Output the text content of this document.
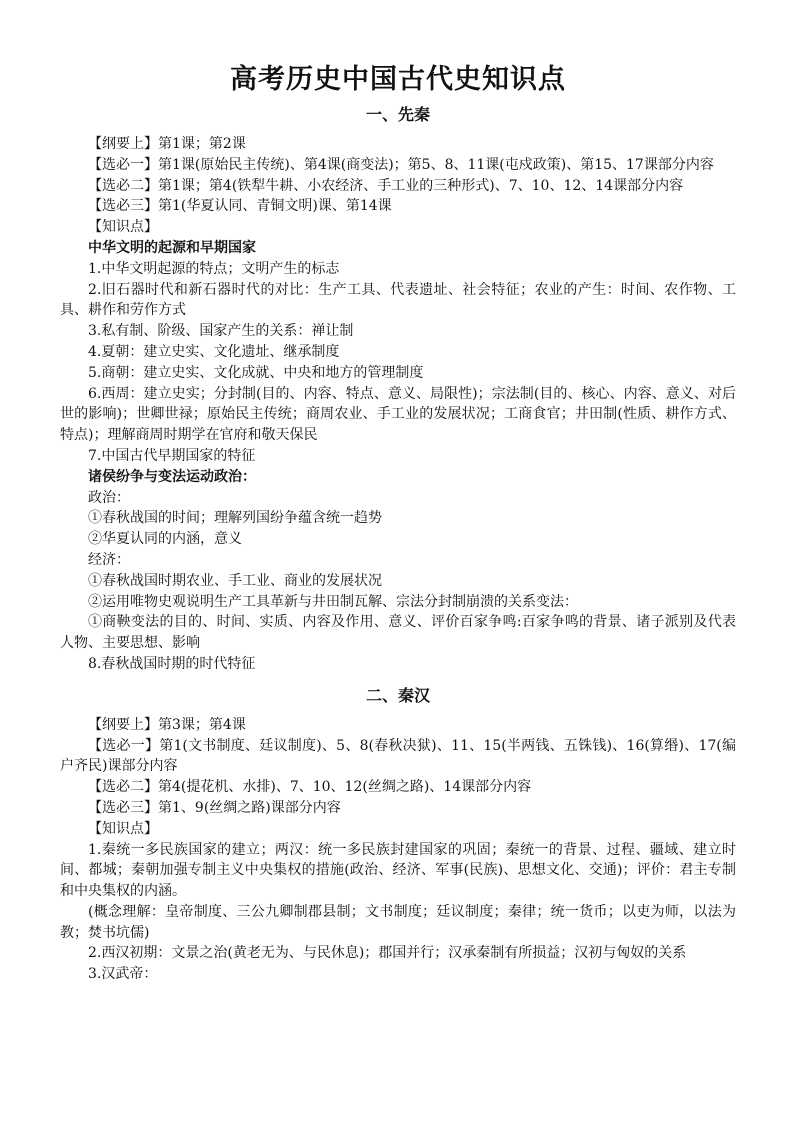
高考历史中国古代史知识点
一、先秦

【纲要上】第1课；第2课

【选必一】第1课(原始民主传统)、第4课(商变法)；第5、8、11课(屯戍政策)、第15、17课部分内容

【选必二】第1课；第4(铁犁牛耕、小农经济、手工业的三种形式)、7、10、12、14课部分内容

【选必三】第1(华夏认同、青铜文明)课、第14课

【知识点】

中华文明的起源和早期国家

1.中华文明起源的特点；文明产生的标志

2.旧石器时代和新石器时代的对比：生产工具、代表遗址、社会特征；农业的产生：时间、农作物、工具、耕作和劳作方式

3.私有制、阶级、国家产生的关系：禅让制

4.夏朝：建立史实、文化遗址、继承制度

5.商朝：建立史实、文化成就、中央和地方的管理制度

6.西周：建立史实；分封制(目的、内容、特点、意义、局限性)；宗法制(目的、核心、内容、意义、对后世的影响)；世卿世禄；原始民主传统；商周农业、手工业的发展状况；工商食官；井田制(性质、耕作方式、特点)；理解商周时期学在官府和敬天保民

7.中国古代早期国家的特征

诸侯纷争与变法运动政治：

政治：

①春秋战国的时间；理解列国纷争蕴含统一趋势

②华夏认同的内涵，意义

经济：

①春秋战国时期农业、手工业、商业的发展状况

②运用唯物史观说明生产工具革新与井田制瓦解、宗法分封制崩溃的关系变法：

①商鞅变法的目的、时间、实质、内容及作用、意义、评价百家争鸣:百家争鸣的背景、诸子派别及代表人物、主要思想、影响

8.春秋战国时期的时代特征

二、秦汉

【纲要上】第3课；第4课

【选必一】第1(文书制度、廷议制度)、5、8(春秋决狱)、11、15(半两钱、五铢钱)、16(算缗)、17(编户齐民)课部分内容

【选必二】第4(提花机、水排)、7、10、12(丝绸之路)、14课部分内容

【选必三】第1、9(丝绸之路)课部分内容

【知识点】

1.秦统一多民族国家的建立；两汉：统一多民族封建国家的巩固；秦统一的背景、过程、疆域、建立时间、都城；秦朝加强专制主义中央集权的措施(政治、经济、军事(民族)、思想文化、交通)；评价：君主专制和中央集权的内涵。

(概念理解：皇帝制度、三公九卿制郡县制；文书制度；廷议制度；秦律；统一货币；以吏为师，以法为教；焚书坑儒)

2.西汉初期：文景之治(黄老无为、与民休息)；郡国并行；汉承秦制有所损益；汉初与匈奴的关系

3.汉武帝：
